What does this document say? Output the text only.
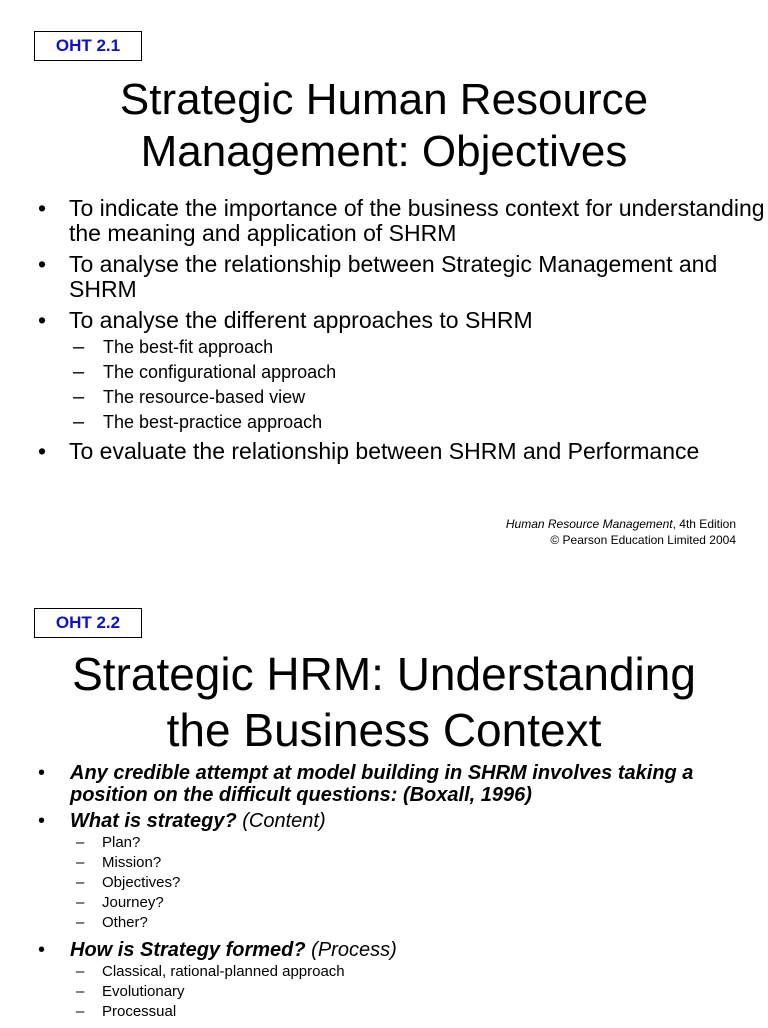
OHT 2.1
Strategic Human Resource
Management: Objectives
• To indicate the importance of the business context for understanding the meaning and application of SHRM
• To analyse the relationship between Strategic Management and SHRM
• To analyse the different approaches to SHRM
– The best-fit approach
– The configurational approach
– The resource-based view
– The best-practice approach
• To evaluate the relationship between SHRM and Performance
Human Resource Management, 4th Edition
© Pearson Education Limited 2004
OHT 2.2
Strategic HRM: Understanding
the Business Context
• Any credible attempt at model building in SHRM involves taking a position on the difficult questions: (Boxall, 1996)
• What is strategy? (Content)
– Plan?
– Mission?
– Objectives?
– Journey?
– Other?
• How is Strategy formed? (Process)
– Classical, rational-planned approach
– Evolutionary
– Processual
